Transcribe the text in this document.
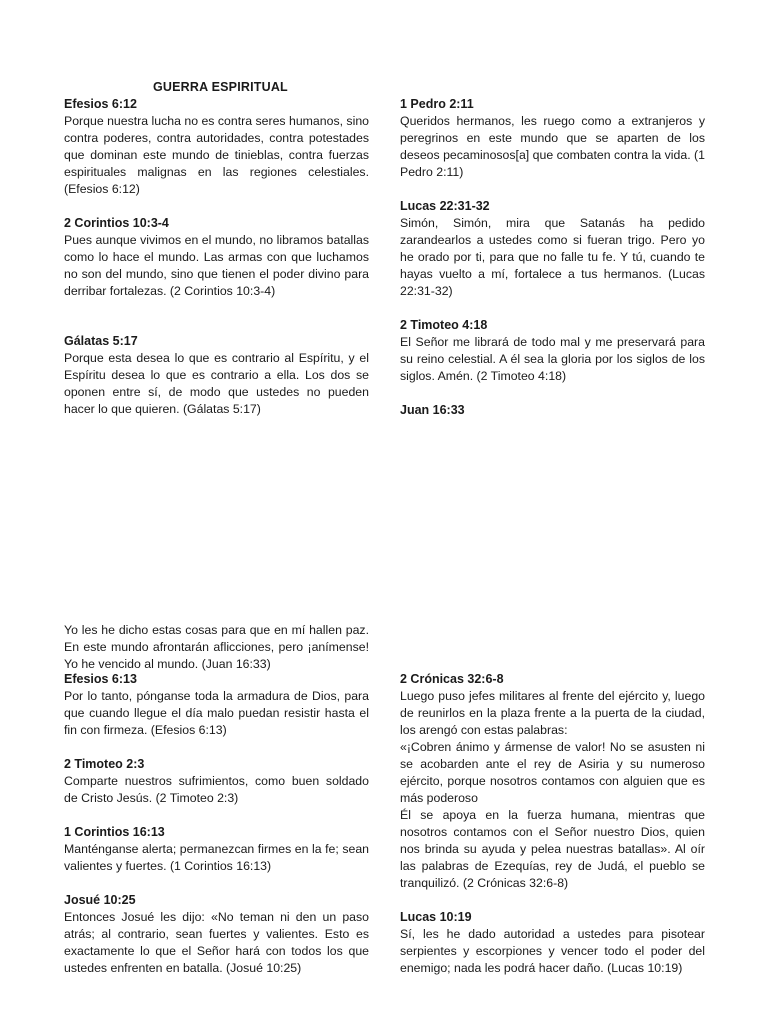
GUERRA ESPIRITUAL

Efesios 6:12

Porque nuestra lucha no es contra seres humanos, sino contra poderes, contra autoridades, contra potestades que dominan este mundo de tinieblas, contra fuerzas espirituales malignas en las regiones celestiales. (Efesios 6:12)

2 Corintios 10:3-4

Pues aunque vivimos en el mundo, no libramos batallas como lo hace el mundo. Las armas con que luchamos no son del mundo, sino que tienen el poder divino para derribar fortalezas. (2 Corintios 10:3-4)

Gálatas 5:17

Porque esta desea lo que es contrario al Espíritu, y el Espíritu desea lo que es contrario a ella. Los dos se oponen entre sí, de modo que ustedes no pueden hacer lo que quieren. (Gálatas 5:17)

1 Pedro 2:11

Queridos hermanos, les ruego como a extranjeros y peregrinos en este mundo que se aparten de los deseos pecaminosos[a] que combaten contra la vida. (1 Pedro 2:11)

Lucas 22:31-32

Simón, Simón, mira que Satanás ha pedido zarandearlos a ustedes como si fueran trigo. Pero yo he orado por ti, para que no falle tu fe. Y tú, cuando te hayas vuelto a mí, fortalece a tus hermanos. (Lucas 22:31-32)

2 Timoteo 4:18

El Señor me librará de todo mal y me preservará para su reino celestial. A él sea la gloria por los siglos de los siglos. Amén. (2 Timoteo 4:18)

Juan 16:33

Yo les he dicho estas cosas para que en mí hallen paz. En este mundo afrontarán aflicciones, pero ¡anímense! Yo he vencido al mundo. (Juan 16:33)

Efesios 6:13

Por lo tanto, pónganse toda la armadura de Dios, para que cuando llegue el día malo puedan resistir hasta el fin con firmeza. (Efesios 6:13)

2 Timoteo 2:3

Comparte nuestros sufrimientos, como buen soldado de Cristo Jesús. (2 Timoteo 2:3)

1 Corintios 16:13

Manténganse alerta; permanezcan firmes en la fe; sean valientes y fuertes. (1 Corintios 16:13)

Josué 10:25

Entonces Josué les dijo: «No teman ni den un paso atrás; al contrario, sean fuertes y valientes. Esto es exactamente lo que el Señor hará con todos los que ustedes enfrenten en batalla. (Josué 10:25)

2 Crónicas 32:6-8

Luego puso jefes militares al frente del ejército y, luego de reunirlos en la plaza frente a la puerta de la ciudad, los arengó con estas palabras:

«¡Cobren ánimo y ármense de valor! No se asusten ni se acobarden ante el rey de Asiria y su numeroso ejército, porque nosotros contamos con alguien que es más poderoso

Él se apoya en la fuerza humana, mientras que nosotros contamos con el Señor nuestro Dios, quien nos brinda su ayuda y pelea nuestras batallas». Al oír las palabras de Ezequías, rey de Judá, el pueblo se tranquilizó. (2 Crónicas 32:6-8)

Lucas 10:19

Sí, les he dado autoridad a ustedes para pisotear serpientes y escorpiones y vencer todo el poder del enemigo; nada les podrá hacer daño. (Lucas 10:19)
